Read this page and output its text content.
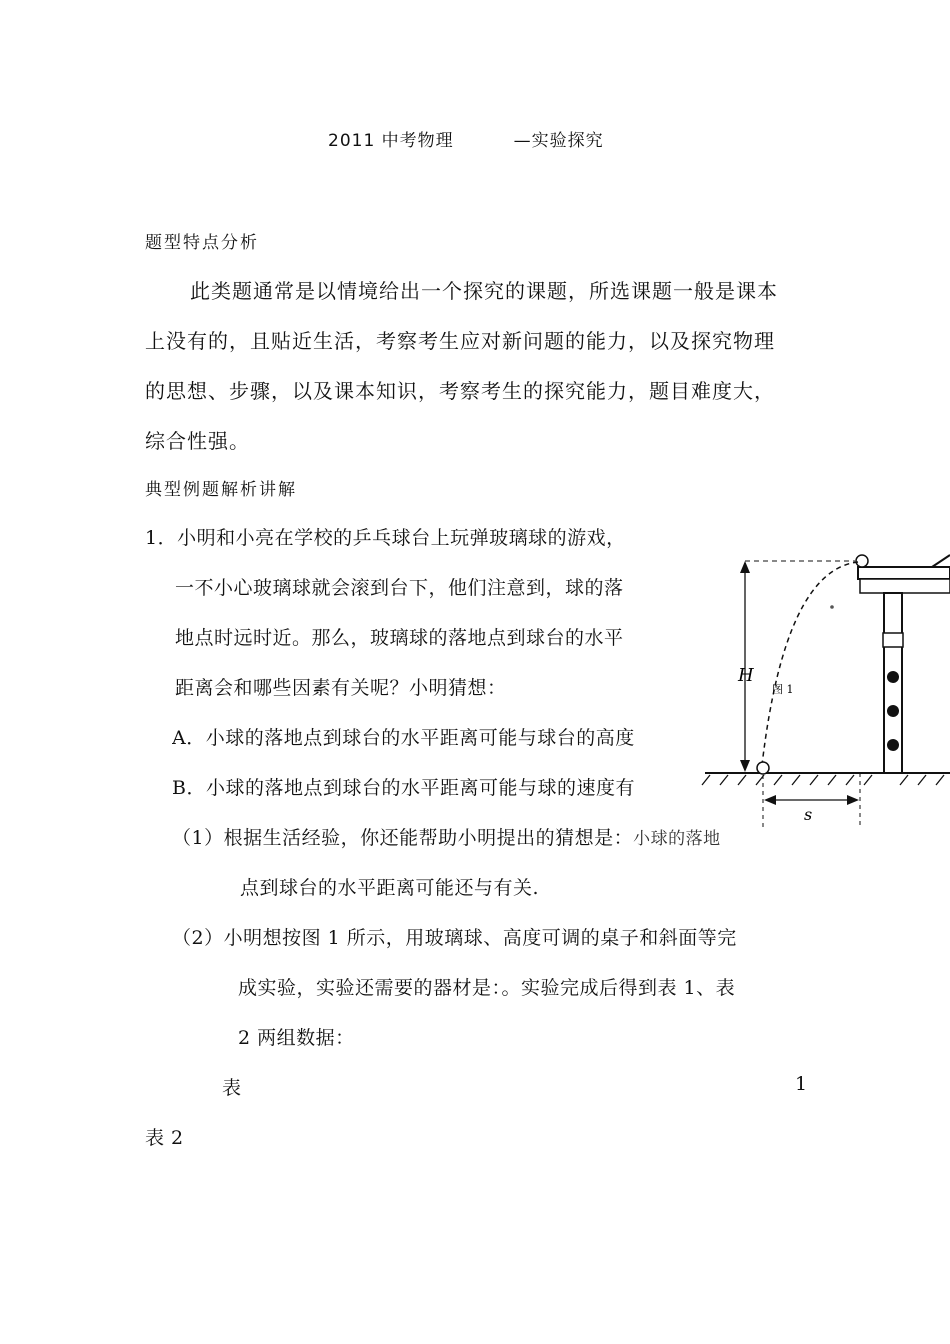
2011 中考物理	—实验探究
题型特点分析
此类题通常是以情境给出一个探究的课题，所选课题一般是课本
上没有的，且贴近生活，考察考生应对新问题的能力，以及探究物理
的思想、步骤，以及课本知识，考察考生的探究能力，题目难度大，
综合性强。
典型例题解析讲解
1．小明和小亮在学校的乒乓球台上玩弹玻璃球的游戏，
一不小心玻璃球就会滚到台下，他们注意到，球的落
地点时远时近。那么，玻璃球的落地点到球台的水平
距离会和哪些因素有关呢？小明猜想：
A．小球的落地点到球台的水平距离可能与球台的高度
B．小球的落地点到球台的水平距离可能与球的速度有
H
s
图 1
（1）根据生活经验，你还能帮助小明提出的猜想是：小球的落地
点到球台的水平距离可能还与有关.
（2）小明想按图 1 所示，用玻璃球、高度可调的桌子和斜面等完
成实验，实验还需要的器材是：。实验完成后得到表 1、表
2 两组数据：
表	1
表 2
